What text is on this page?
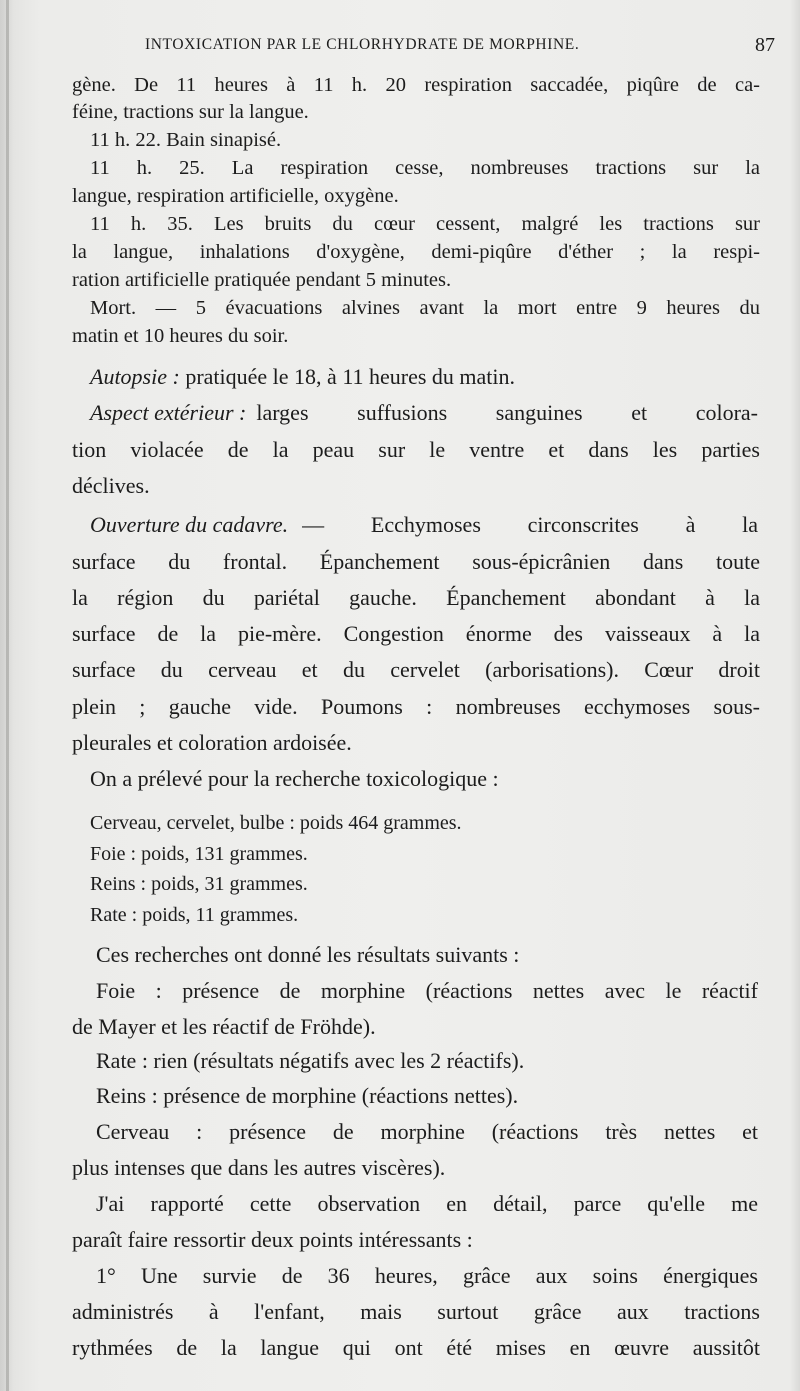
INTOXICATION PAR LE CHLORHYDRATE DE MORPHINE.	87
gène. De 11 heures à 11 h. 20 respiration saccadée, piqûre de ca-
féine, tractions sur la langue.
11 h. 22. Bain sinapisé.
11 h. 25. La respiration cesse, nombreuses tractions sur la
langue, respiration artificielle, oxygène.
11 h. 35. Les bruits du cœur cessent, malgré les tractions sur
la langue, inhalations d'oxygène, demi-piqûre d'éther ; la respi-
ration artificielle pratiquée pendant 5 minutes.
Mort. — 5 évacuations alvines avant la mort entre 9 heures du
matin et 10 heures du soir.
Autopsie : pratiquée le 18, à 11 heures du matin.
Aspect extérieur : larges suffusions sanguines et colora-
tion violacée de la peau sur le ventre et dans les parties
déclives.
Ouverture du cadavre. — Ecchymoses circonscrites à la
surface du frontal. Épanchement sous-épicrânien dans toute
la région du pariétal gauche. Épanchement abondant à la
surface de la pie-mère. Congestion énorme des vaisseaux à la
surface du cerveau et du cervelet (arborisations). Cœur droit
plein ; gauche vide. Poumons : nombreuses ecchymoses sous-
pleurales et coloration ardoisée.
On a prélevé pour la recherche toxicologique :
Cerveau, cervelet, bulbe : poids 464 grammes.
Foie : poids, 131 grammes.
Reins : poids, 31 grammes.
Rate : poids, 11 grammes.
Ces recherches ont donné les résultats suivants :
Foie : présence de morphine (réactions nettes avec le réactif
de Mayer et les réactif de Fröhde).
Rate : rien (résultats négatifs avec les 2 réactifs).
Reins : présence de morphine (réactions nettes).
Cerveau : présence de morphine (réactions très nettes et
plus intenses que dans les autres viscères).
J'ai rapporté cette observation en détail, parce qu'elle me
paraît faire ressortir deux points intéressants :
1° Une survie de 36 heures, grâce aux soins énergiques
administrés à l'enfant, mais surtout grâce aux tractions
rythmées de la langue qui ont été mises en œuvre aussitôt
